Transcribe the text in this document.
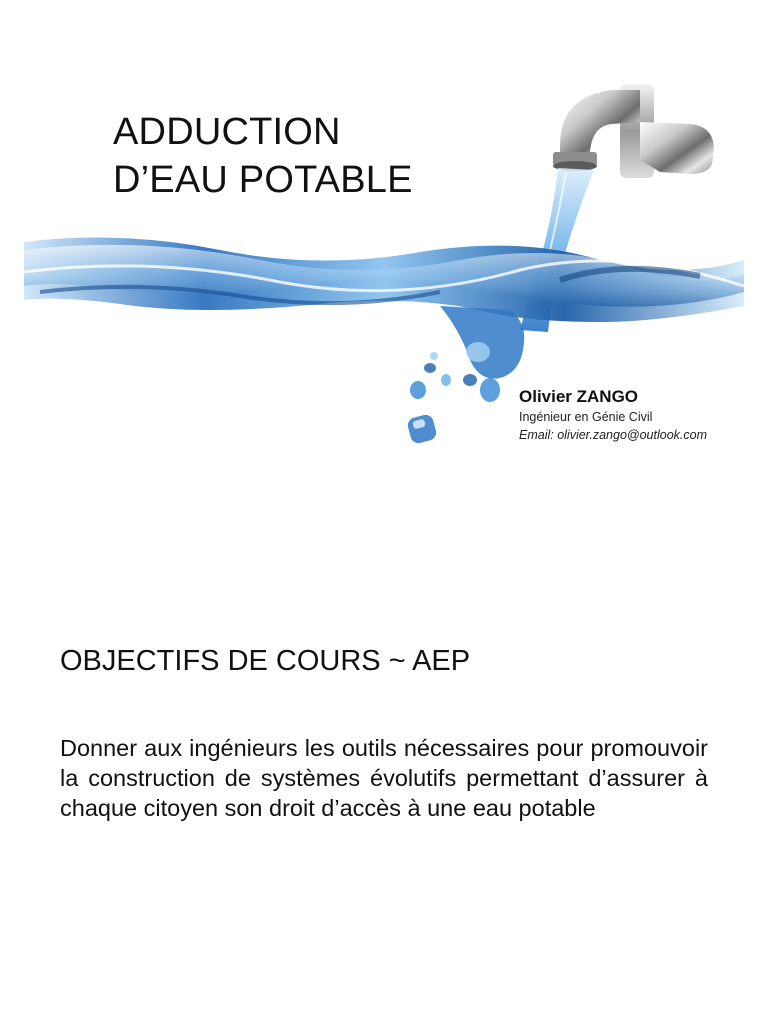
ADDUCTION
D’EAU POTABLE
Olivier ZANGO
Ingénieur en Génie Civil
Email: olivier.zango@outlook.com
OBJECTIFS DE COURS ~ AEP

Donner aux ingénieurs les outils nécessaires pour promouvoir la construction de systèmes évolutifs permettant d’assurer à chaque citoyen son droit d’accès à une eau potable
